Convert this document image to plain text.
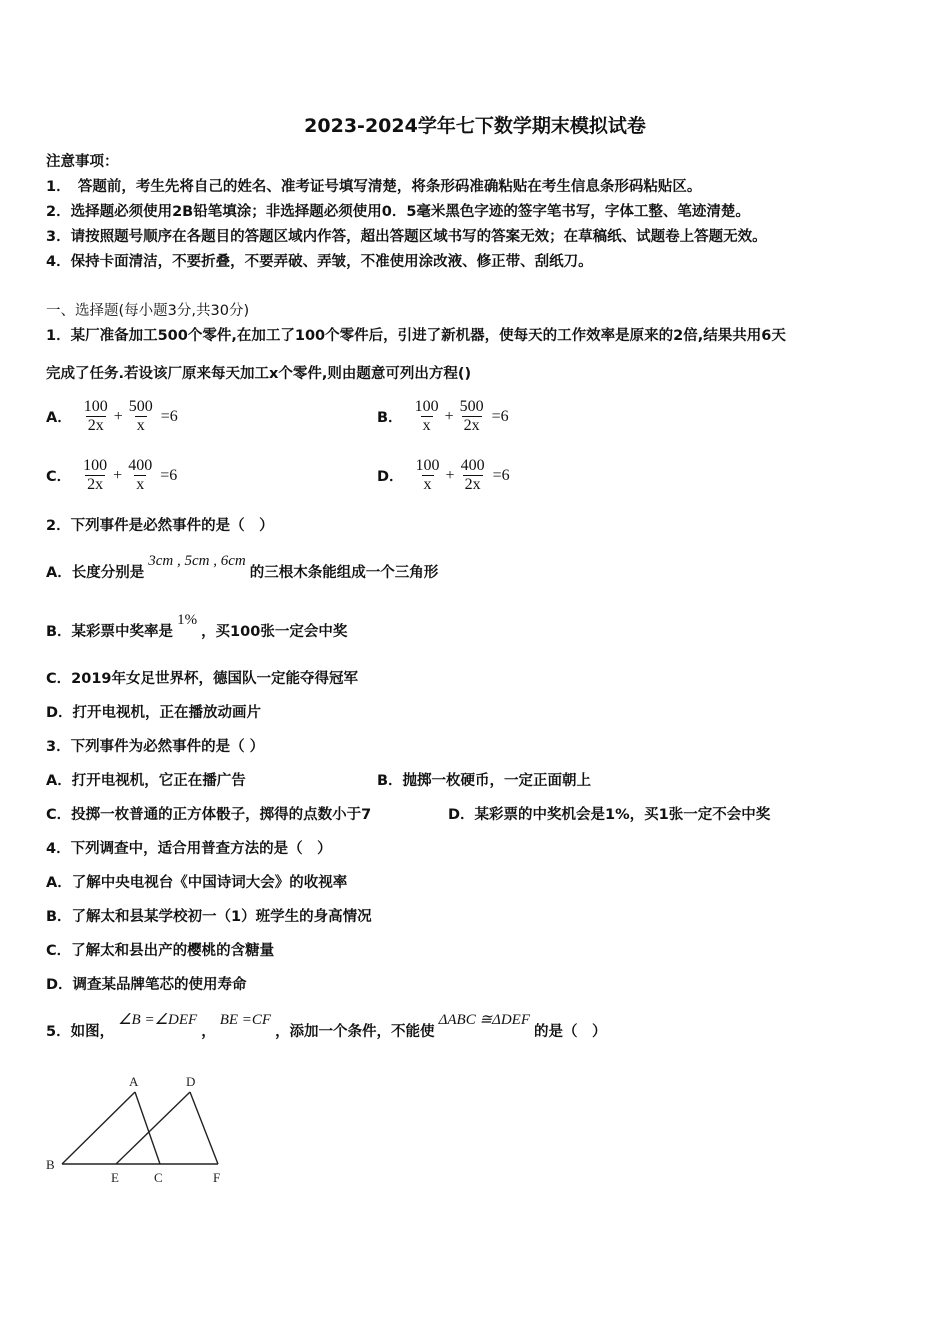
2023-2024学年七下数学期末模拟试卷
注意事项：
1．　答题前，考生先将自己的姓名、准考证号填写清楚，将条形码准确粘贴在考生信息条形码粘贴区。
2．选择题必须使用2B铅笔填涂；非选择题必须使用0．5毫米黑色字迹的签字笔书写，字体工整、笔迹清楚。
3．请按照题号顺序在各题目的答题区域内作答，超出答题区域书写的答案无效；在草稿纸、试题卷上答题无效。
4．保持卡面清洁，不要折叠，不要弄破、弄皱，不准使用涂改液、修正带、刮纸刀。
一、选择题(每小题3分,共30分)
1．某厂准备加工500个零件,在加工了100个零件后，引进了新机器，使每天的工作效率是原来的2倍,结果共用6天
完成了任务.若设该厂原来每天加工x个零件,则由题意可列出方程()
A． $\frac{100}{2x} + \frac{500}{x} =6$	B． $\frac{100}{x} + \frac{500}{2x} =6$
C． $\frac{100}{2x} + \frac{400}{x} =6$	D． $\frac{100}{x} + \frac{400}{2x} =6$
2．下列事件是必然事件的是（　）
A．长度分别是3cm , 5cm , 6cm的三根木条能组成一个三角形
B．某彩票中奖率是1%，买100张一定会中奖
C．2019年女足世界杯，德国队一定能夺得冠军
D．打开电视机，正在播放动画片
3．下列事件为必然事件的是（ ）
A．打开电视机，它正在播广告	B．抛掷一枚硬币，一定正面朝上
C．投掷一枚普通的正方体骰子，掷得的点数小于7	D．某彩票的中奖机会是1%，买1张一定不会中奖
4．下列调查中，适合用普查方法的是（　）
A．了解中央电视台《中国诗词大会》的收视率
B．了解太和县某学校初一（1）班学生的身高情况
C．了解太和县出产的樱桃的含糖量
D．调查某品牌笔芯的使用寿命
5．如图，∠B =∠DEF，BE =CF，添加一个条件，不能使ΔABC ≅ΔDEF的是（　）
A	D
B
E	C	F
